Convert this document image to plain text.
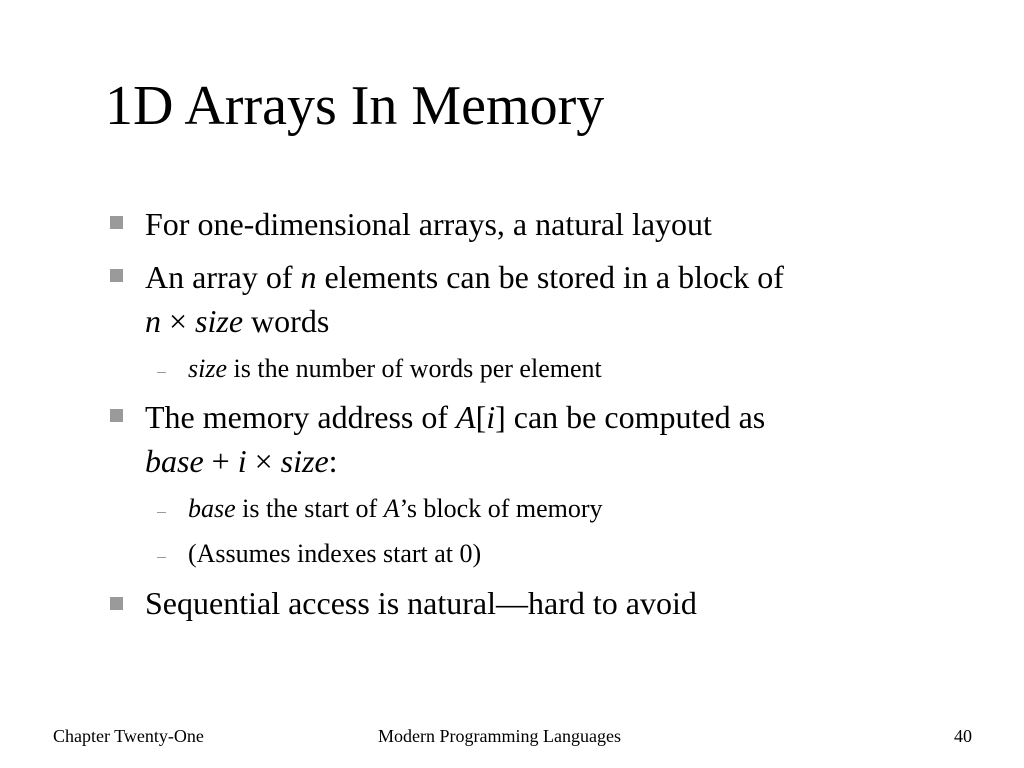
1D Arrays In Memory
For one-dimensional arrays, a natural layout
An array of n elements can be stored in a block of
n × size words
size is the number of words per element
The memory address of A[i] can be computed as
base + i × size:
base is the start of A’s block of memory
(Assumes indexes start at 0)
Sequential access is natural—hard to avoid
Chapter Twenty-One	Modern Programming Languages	40
